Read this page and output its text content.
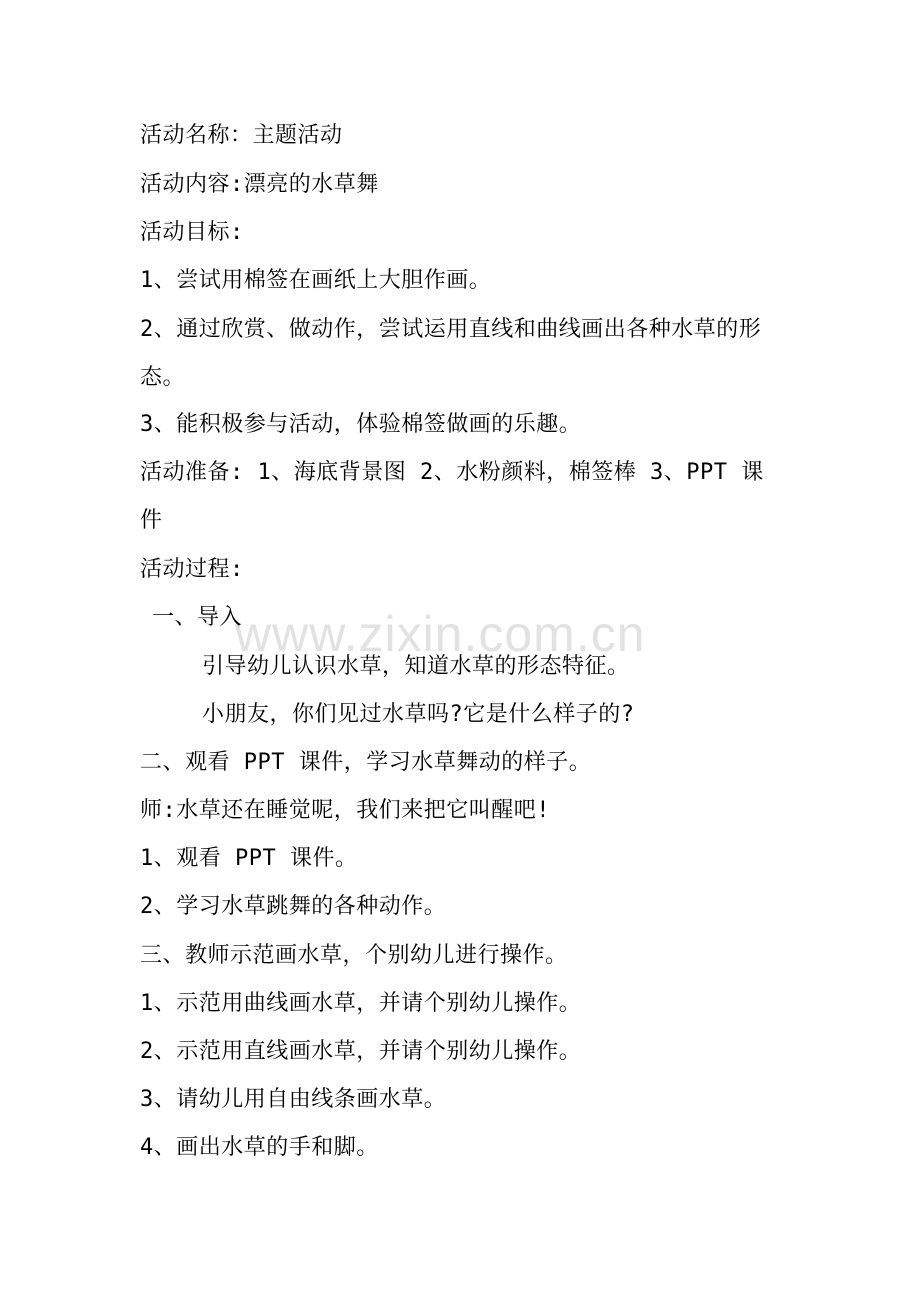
活动名称：主题活动
活动内容:漂亮的水草舞
活动目标:
1、尝试用棉签在画纸上大胆作画。
2、通过欣赏、做动作，尝试运用直线和曲线画出各种水草的形态。
3、能积极参与活动，体验棉签做画的乐趣。
活动准备: 1、海底背景图 2、水粉颜料，棉签棒 3、PPT 课件
活动过程:
www.zixin.com.cn
一、导入
引导幼儿认识水草，知道水草的形态特征。
小朋友，你们见过水草吗?它是什么样子的?
二、观看 PPT 课件，学习水草舞动的样子。
师:水草还在睡觉呢，我们来把它叫醒吧!
1、观看 PPT 课件。
2、学习水草跳舞的各种动作。
三、教师示范画水草，个别幼儿进行操作。
1、示范用曲线画水草，并请个别幼儿操作。
2、示范用直线画水草，并请个别幼儿操作。
3、请幼儿用自由线条画水草。
4、画出水草的手和脚。
